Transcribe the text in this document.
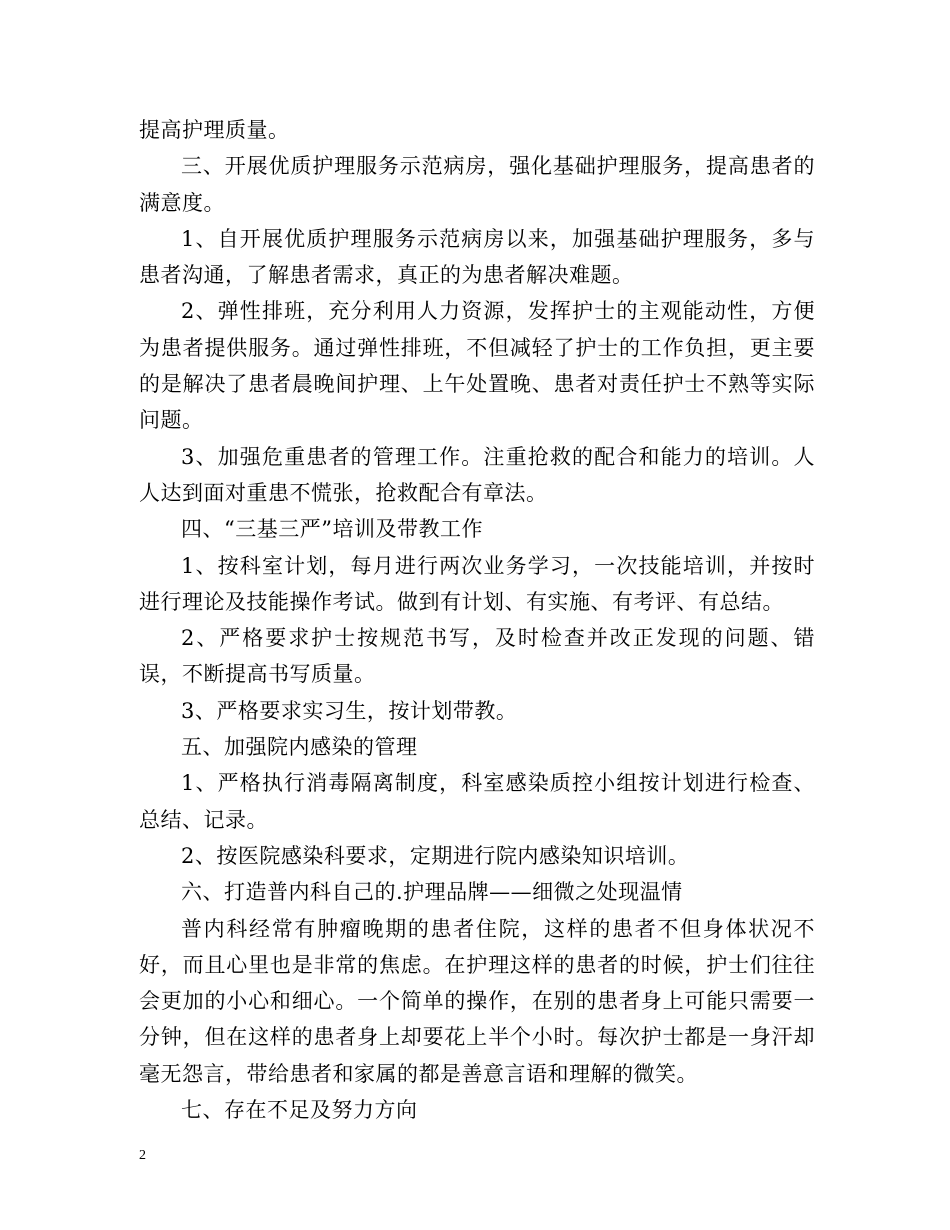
提高护理质量。

三、开展优质护理服务示范病房，强化基础护理服务，提高患者的满意度。

1、自开展优质护理服务示范病房以来，加强基础护理服务，多与患者沟通，了解患者需求，真正的为患者解决难题。

2、弹性排班，充分利用人力资源，发挥护士的主观能动性，方便为患者提供服务。通过弹性排班，不但减轻了护士的工作负担，更主要的是解决了患者晨晚间护理、上午处置晚、患者对责任护士不熟等实际问题。

3、加强危重患者的管理工作。注重抢救的配合和能力的培训。人人达到面对重患不慌张，抢救配合有章法。

四、“三基三严”培训及带教工作

1、按科室计划，每月进行两次业务学习，一次技能培训，并按时进行理论及技能操作考试。做到有计划、有实施、有考评、有总结。

2、严格要求护士按规范书写，及时检查并改正发现的问题、错误，不断提高书写质量。

3、严格要求实习生，按计划带教。

五、加强院内感染的管理

1、严格执行消毒隔离制度，科室感染质控小组按计划进行检查、总结、记录。

2、按医院感染科要求，定期进行院内感染知识培训。

六、打造普内科自己的.护理品牌——细微之处现温情

普内科经常有肿瘤晚期的患者住院，这样的患者不但身体状况不好，而且心里也是非常的焦虑。在护理这样的患者的时候，护士们往往会更加的小心和细心。一个简单的操作，在别的患者身上可能只需要一分钟，但在这样的患者身上却要花上半个小时。每次护士都是一身汗却毫无怨言，带给患者和家属的都是善意言语和理解的微笑。

七、存在不足及努力方向

2
